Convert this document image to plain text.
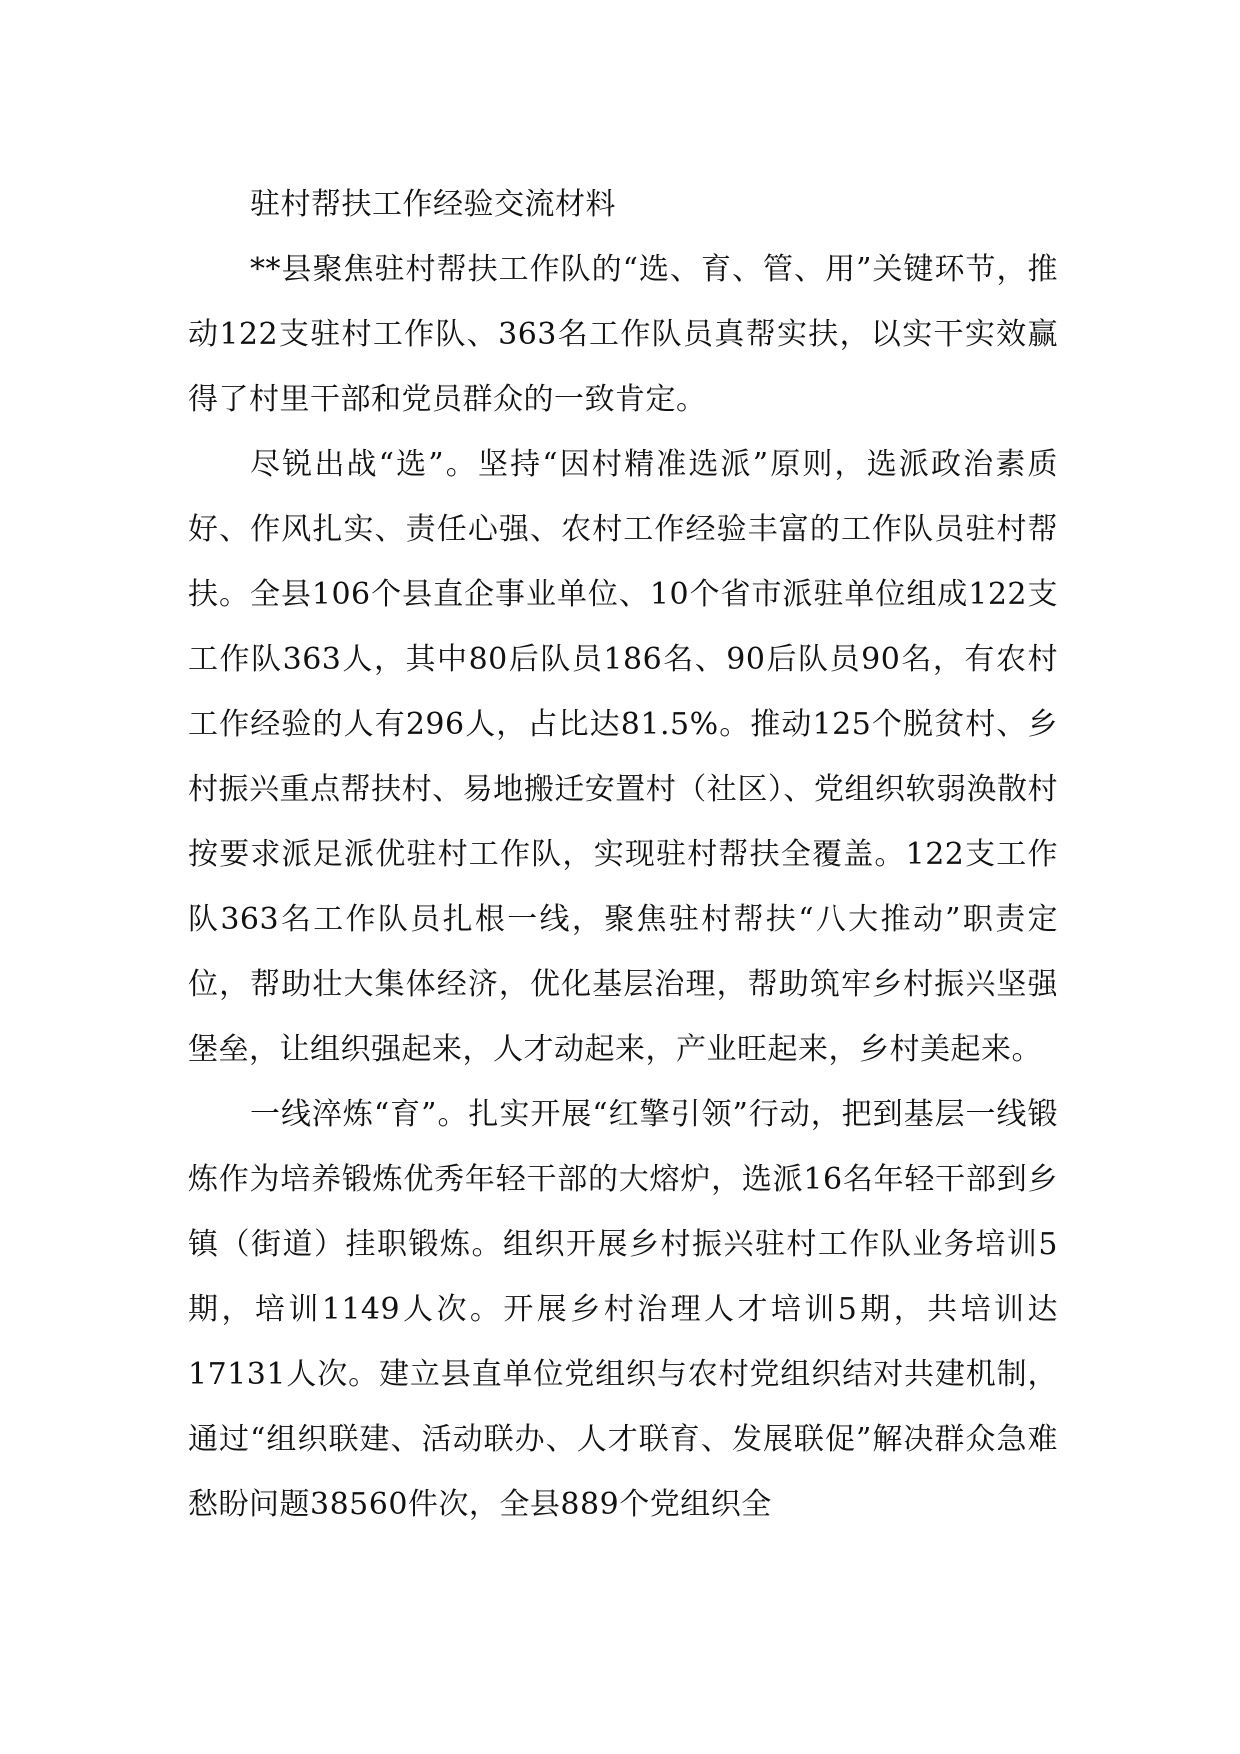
驻村帮扶工作经验交流材料

**县聚焦驻村帮扶工作队的“选、育、管、用”关键环节，推动122支驻村工作队、363名工作队员真帮实扶，以实干实效赢得了村里干部和党员群众的一致肯定。

尽锐出战“选”。坚持“因村精准选派”原则，选派政治素质好、作风扎实、责任心强、农村工作经验丰富的工作队员驻村帮扶。全县106个县直企事业单位、10个省市派驻单位组成122支工作队363人，其中80后队员186名、90后队员90名，有农村工作经验的人有296人，占比达81.5%。推动125个脱贫村、乡村振兴重点帮扶村、易地搬迁安置村（社区）、党组织软弱涣散村按要求派足派优驻村工作队，实现驻村帮扶全覆盖。122支工作队363名工作队员扎根一线，聚焦驻村帮扶“八大推动”职责定位，帮助壮大集体经济，优化基层治理，帮助筑牢乡村振兴坚强堡垒，让组织强起来，人才动起来，产业旺起来，乡村美起来。

一线淬炼“育”。扎实开展“红擎引领”行动，把到基层一线锻炼作为培养锻炼优秀年轻干部的大熔炉，选派16名年轻干部到乡镇（街道）挂职锻炼。组织开展乡村振兴驻村工作队业务培训5期，培训1149人次。开展乡村治理人才培训5期，共培训达17131人次。建立县直单位党组织与农村党组织结对共建机制，通过“组织联建、活动联办、人才联育、发展联促”解决群众急难愁盼问题38560件次，全县889个党组织全
